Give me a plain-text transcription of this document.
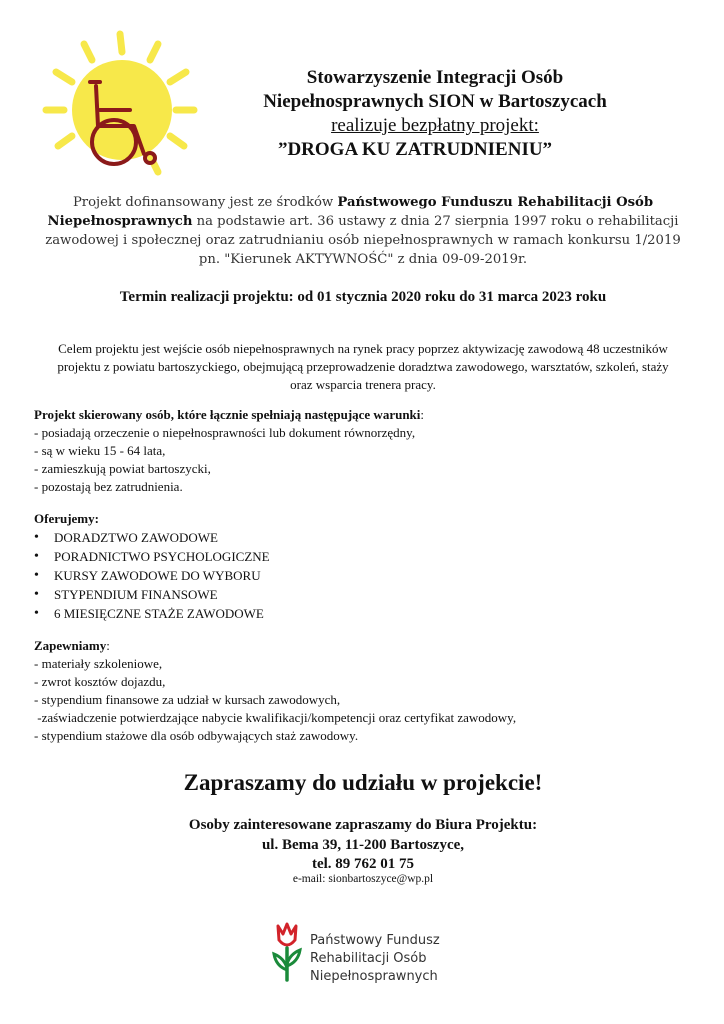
Stowarzyszenie Integracji Osób
Niepełnosprawnych SION w Bartoszycach
realizuje bezpłatny projekt:
”DROGA KU ZATRUDNIENIU”
Projekt dofinansowany jest ze środków Państwowego Funduszu Rehabilitacji Osób Niepełnosprawnych na podstawie art. 36 ustawy z dnia 27 sierpnia 1997 roku o rehabilitacji zawodowej i społecznej oraz zatrudnianiu osób niepełnosprawnych w ramach konkursu 1/2019 pn. "Kierunek AKTYWNOŚĆ" z dnia 09-09-2019r.
Termin realizacji projektu: od 01 stycznia 2020 roku do 31 marca 2023 roku
Celem projektu jest wejście osób niepełnosprawnych na rynek pracy poprzez aktywizację zawodową 48 uczestników projektu z powiatu bartoszyckiego, obejmującą przeprowadzenie doradztwa zawodowego, warsztatów, szkoleń, staży oraz wsparcia trenera pracy.
Projekt skierowany osób, które łącznie spełniają następujące warunki:
- posiadają orzeczenie o niepełnosprawności lub dokument równorzędny,
- są w wieku 15 - 64 lata,
- zamieszkują powiat bartoszycki,
- pozostają bez zatrudnienia.
Oferujemy:
• DORADZTWO ZAWODOWE
• PORADNICTWO PSYCHOLOGICZNE
• KURSY ZAWODOWE DO WYBORU
• STYPENDIUM FINANSOWE
• 6 MIESIĘCZNE STAŻE ZAWODOWE
Zapewniamy:
- materiały szkoleniowe,
- zwrot kosztów dojazdu,
- stypendium finansowe za udział w kursach zawodowych,
-zaświadczenie potwierdzające nabycie kwalifikacji/kompetencji oraz certyfikat zawodowy,
- stypendium stażowe dla osób odbywających staż zawodowy.
Zapraszamy do udziału w projekcie!
Osoby zainteresowane zapraszamy do Biura Projektu:
ul. Bema 39, 11-200 Bartoszyce,
tel. 89 762 01 75
e-mail: sionbartoszyce@wp.pl
Państwowy Fundusz
Rehabilitacji Osób
Niepełnosprawnych
